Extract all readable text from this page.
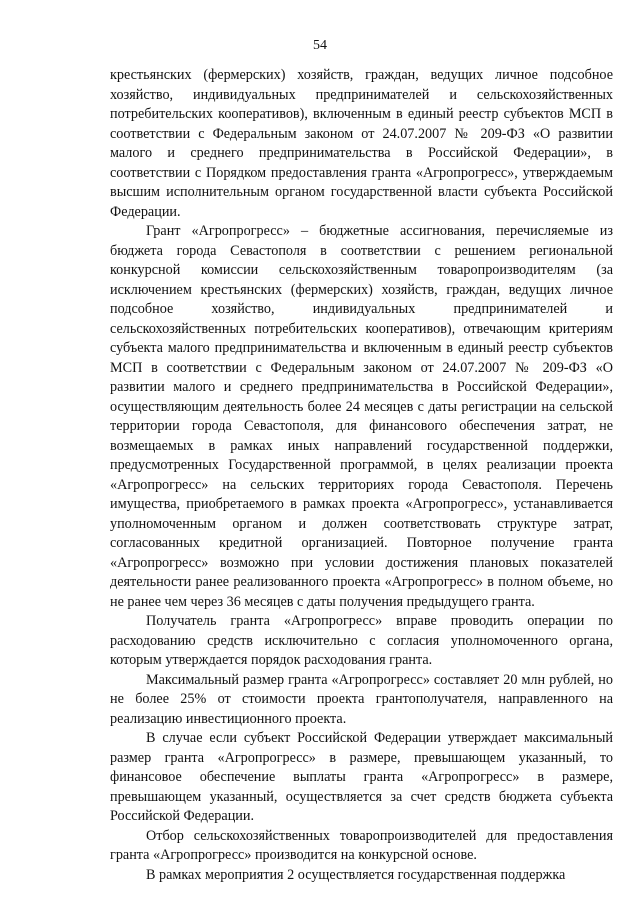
54

крестьянских (фермерских) хозяйств, граждан, ведущих личное подсобное хозяйство, индивидуальных предпринимателей и сельскохозяйственных потребительских кооперативов), включенным в единый реестр субъектов МСП в соответствии с Федеральным законом от 24.07.2007 № 209-ФЗ «О развитии малого и среднего предпринимательства в Российской Федерации», в соответствии с Порядком предоставления гранта «Агропрогресс», утверждаемым высшим исполнительным органом государственной власти субъекта Российской Федерации.

Грант «Агропрогресс» – бюджетные ассигнования, перечисляемые из бюджета города Севастополя в соответствии с решением региональной конкурсной комиссии сельскохозяйственным товаропроизводителям (за исключением крестьянских (фермерских) хозяйств, граждан, ведущих личное подсобное хозяйство, индивидуальных предпринимателей и сельскохозяйственных потребительских кооперативов), отвечающим критериям субъекта малого предпринимательства и включенным в единый реестр субъектов МСП в соответствии с Федеральным законом от 24.07.2007 № 209-ФЗ «О развитии малого и среднего предпринимательства в Российской Федерации», осуществляющим деятельность более 24 месяцев с даты регистрации на сельской территории города Севастополя, для финансового обеспечения затрат, не возмещаемых в рамках иных направлений государственной поддержки, предусмотренных Государственной программой, в целях реализации проекта «Агропрогресс» на сельских территориях города Севастополя. Перечень имущества, приобретаемого в рамках проекта «Агропрогресс», устанавливается уполномоченным органом и должен соответствовать структуре затрат, согласованных кредитной организацией. Повторное получение гранта «Агропрогресс» возможно при условии достижения плановых показателей деятельности ранее реализованного проекта «Агропрогресс» в полном объеме, но не ранее чем через 36 месяцев с даты получения предыдущего гранта.

Получатель гранта «Агропрогресс» вправе проводить операции по расходованию средств исключительно с согласия уполномоченного органа, которым утверждается порядок расходования гранта.

Максимальный размер гранта «Агропрогресс» составляет 20 млн рублей, но не более 25% от стоимости проекта грантополучателя, направленного на реализацию инвестиционного проекта.

В случае если субъект Российской Федерации утверждает максимальный размер гранта «Агропрогресс» в размере, превышающем указанный, то финансовое обеспечение выплаты гранта «Агропрогресс» в размере, превышающем указанный, осуществляется за счет средств бюджета субъекта Российской Федерации.

Отбор сельскохозяйственных товаропроизводителей для предоставления гранта «Агропрогресс» производится на конкурсной основе.

В рамках мероприятия 2 осуществляется государственная поддержка
